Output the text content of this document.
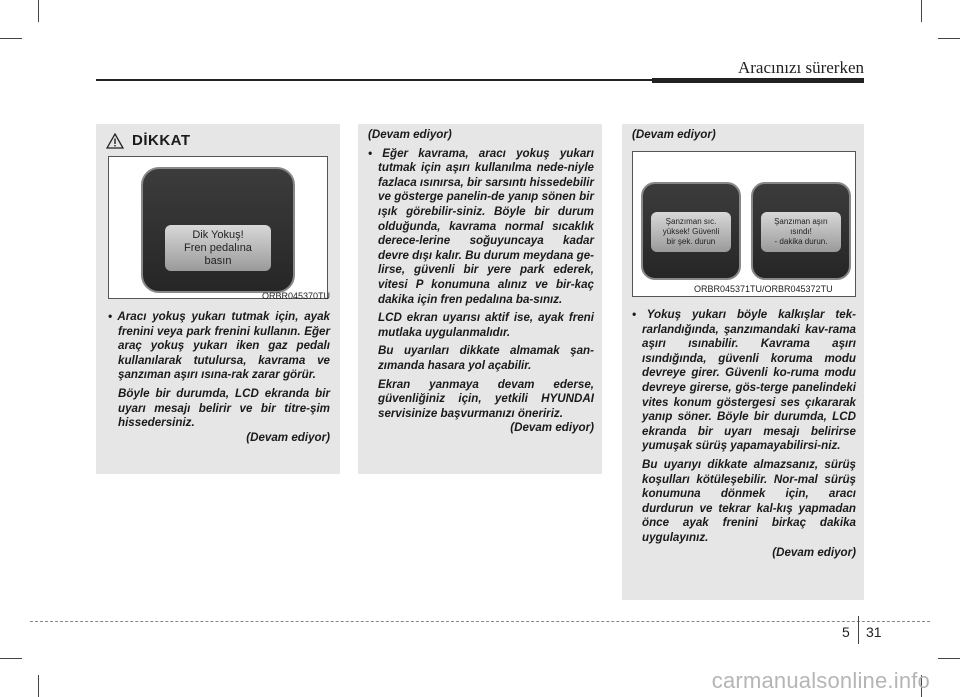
Aracınızı sürerken
DİKKAT
Dik Yokuş!
Fren pedalına
basın
ORBR045370TU

• Aracı yokuş yukarı tutmak için, ayak frenini veya park frenini kullanın. Eğer araç yokuş yukarı iken gaz pedalı kullanılarak tutulursa, kavrama ve şanzıman aşırı ısına-rak zarar görür.

Böyle bir durumda, LCD ekranda bir uyarı mesajı belirir ve bir titre-şim hissedersiniz.

(Devam ediyor)

(Devam ediyor)

• Eğer kavrama, aracı yokuş yukarı tutmak için aşırı kullanılma nede-niyle fazlaca ısınırsa, bir sarsıntı hissedebilir ve gösterge panelin-de yanıp sönen bir ışık görebilir-siniz. Böyle bir durum olduğunda, kavrama normal sıcaklık derece-lerine soğuyuncaya kadar devre dışı kalır. Bu durum meydana ge-lirse, güvenli bir yere park ederek, vitesi P konumuna alınız ve bir-kaç dakika için fren pedalına ba-sınız.

LCD ekran uyarısı aktif ise, ayak freni mutlaka uygulanmalıdır.

Bu uyarıları dikkate almamak şan-zımanda hasara yol açabilir.

Ekran yanmaya devam ederse, güvenliğiniz için, yetkili HYUNDAI servisinize başvurmanızı öneririz.

(Devam ediyor)

(Devam ediyor)
Şanzıman sıc.
yüksek! Güvenli
bir şek. durun
Şanzıman aşırı
ısındı!
- dakika durun.
ORBR045371TU/ORBR045372TU

• Yokuş yukarı böyle kalkışlar tek-rarlandığında, şanzımandaki kav-rama aşırı ısınabilir. Kavrama aşırı ısındığında, güvenli koruma modu devreye girer. Güvenli ko-ruma modu devreye girerse, gös-terge panelindeki vites konum göstergesi ses çıkararak yanıp söner. Böyle bir durumda, LCD ekranda bir uyarı mesajı belirirse yumuşak sürüş yapamayabilirsi-niz.

Bu uyarıyı dikkate almazsanız, sürüş koşulları kötüleşebilir. Nor-mal sürüş konumuna dönmek için, aracı durdurun ve tekrar kal-kış yapmadan önce ayak frenini birkaç dakika uygulayınız.

(Devam ediyor)

5 31
carmanualsonline.info
